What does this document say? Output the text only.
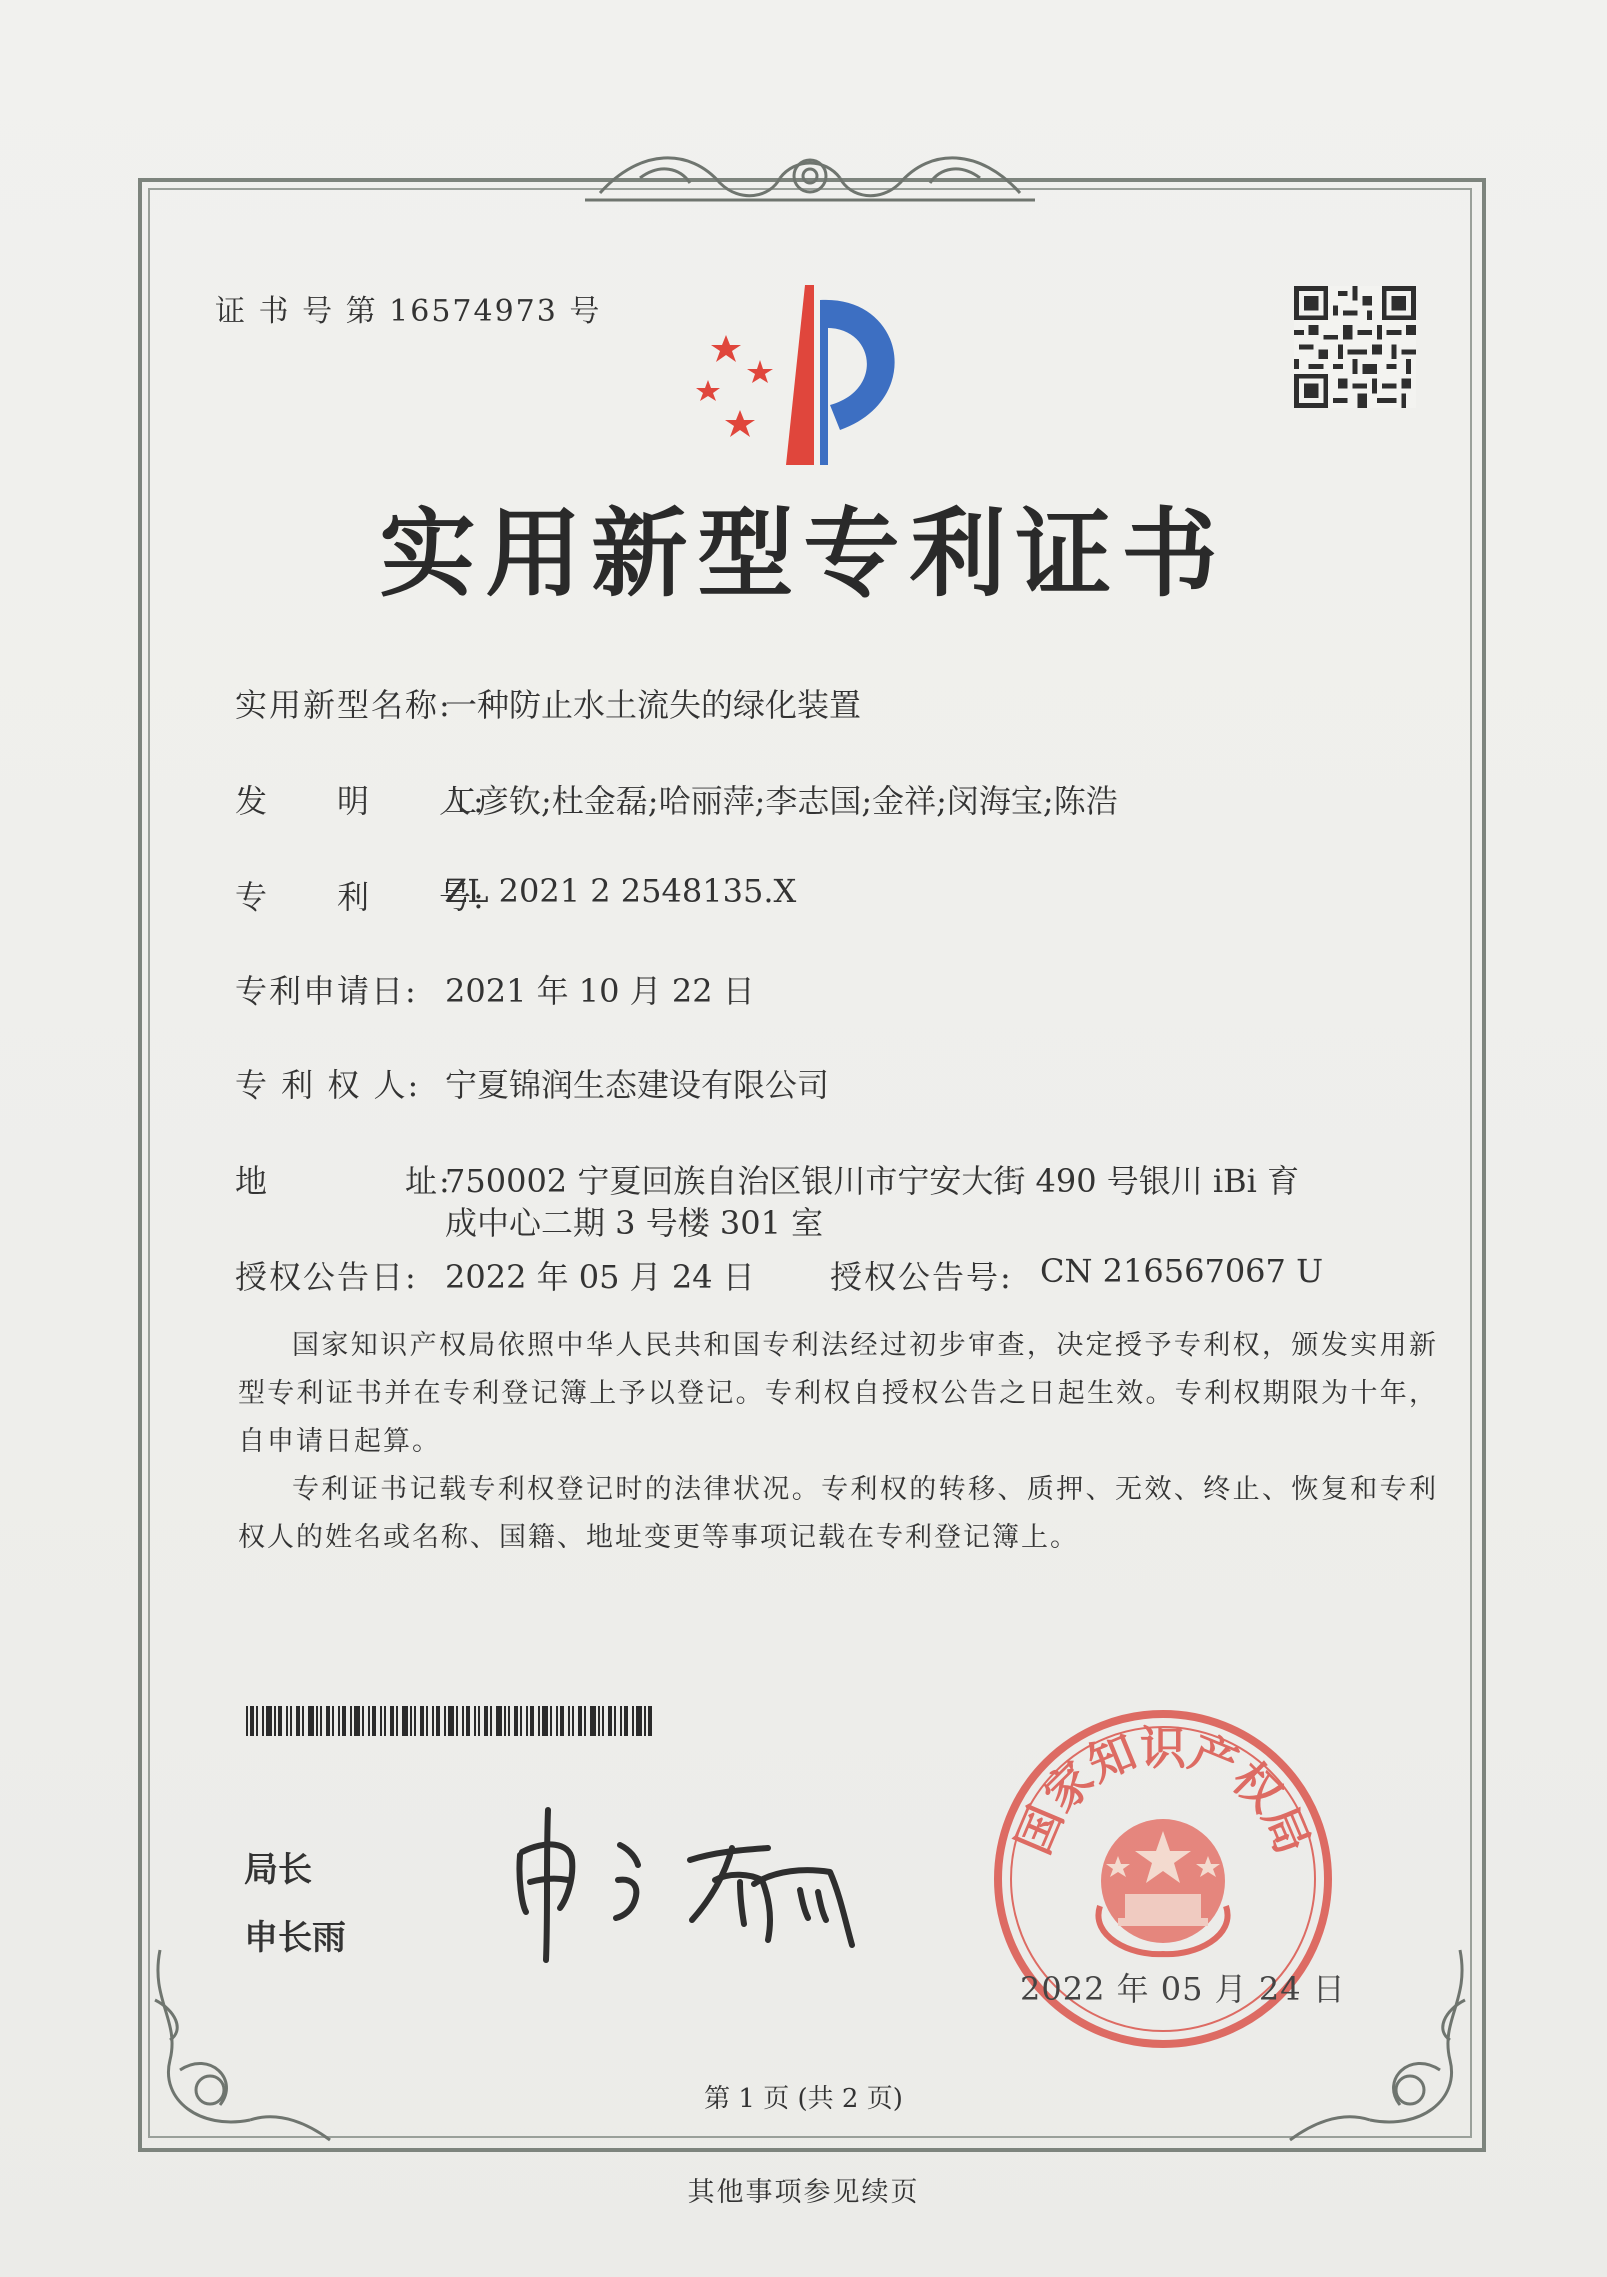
证 书 号 第 16574973 号
实用新型专利证书
实用新型名称:
一种防止水土流失的绿化装置
发　　明　　人:
工彦钦;杜金磊;哈丽萍;李志国;金祥;闵海宝;陈浩
专　　利　　号:
ZL 2021 2 2548135.X
专利申请日: 2021 年 10 月 22 日
专 利 权 人: 宁夏锦润生态建设有限公司
地　　　　址:
750002 宁夏回族自治区银川市宁安大街 490 号银川 iBi 育
成中心二期 3 号楼 301 室
授权公告日: 2022 年 05 月 24 日 授权公告号: CN 216567067 U

国家知识产权局依照中华人民共和国专利法经过初步审查，决定授予专利权，颁发实用新型专利证书并在专利登记簿上予以登记。专利权自授权公告之日起生效。专利权期限为十年，自申请日起算。

专利证书记载专利权登记时的法律状况。专利权的转移、质押、无效、终止、恢复和专利权人的姓名或名称、国籍、地址变更等事项记载在专利登记簿上。

局长
申长雨
国家知识产权局
2022 年 05 月 24 日
第 1 页 (共 2 页)
其他事项参见续页
